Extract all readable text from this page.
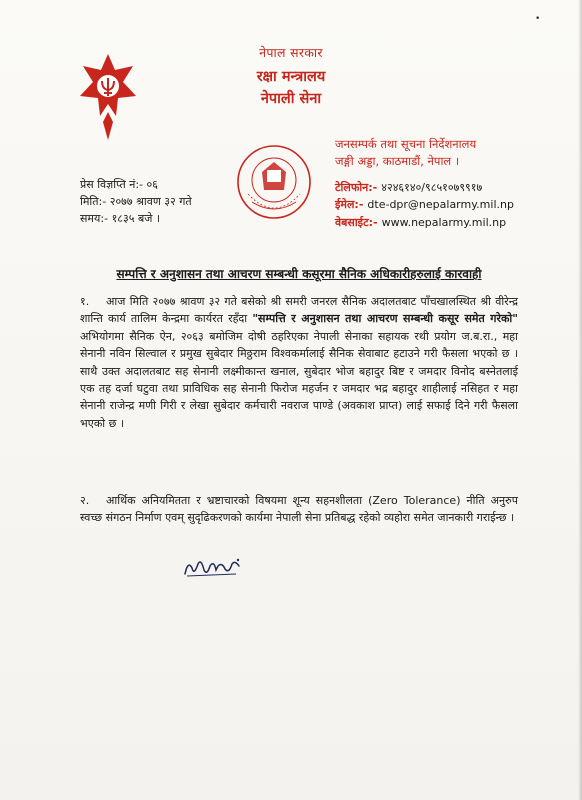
•
नेपाल सरकार
रक्षा मन्त्रालय
नेपाली सेना
जनसम्पर्क तथा सूचना निर्देशनालय
जङ्गी अड्डा, काठमाडौं, नेपाल ।
टेलिफोन:- ४२४६१४०/९८५१०७९९१७
ईमेल:- dte-dpr@nepalarmy.mil.np
वेबसाईट:- www.nepalarmy.mil.np
प्रेस विज्ञप्ति नं:- ०६
मिति:- २०७७ श्रावण ३२ गते
समय:- १८३५ बजे ।
सम्पत्ति र अनुशासन तथा आचरण सम्बन्धी कसूरमा सैनिक अधिकारीहरुलाई कारवाही
१. आज मिति २०७७ श्रावण ३२ गते बसेको श्री समरी जनरल सैनिक अदालतबाट पाँचखालस्थित श्री वीरेन्द्र शान्ति कार्य तालिम केन्द्रमा कार्यरत रहँदा "सम्पत्ति र अनुशासन तथा आचरण सम्बन्धी कसूर समेत गरेको" अभियोगमा सैनिक ऐन, २०६३ बमोजिम दोषी ठहरिएका नेपाली सेनाका सहायक रथी प्रयोग ज.ब.रा., महा सेनानी नविन सिल्वाल र प्रमुख सुबेदार मिठ्ठराम विश्वकर्मालाई सैनिक सेवाबाट हटाउने गरी फैसला भएको छ । साथै उक्त अदालतबाट सह सेनानी लक्ष्मीकान्त खनाल, सुबेदार भोज बहादुर बिष्ट र जमदार विनोद बस्नेतलाई एक तह दर्जा घटुवा तथा प्राविधिक सह सेनानी फिरोज महर्जन र जमदार भद्र बहादुर शाहीलाई नसिहत र महा सेनानी राजेन्द्र मणी गिरी र लेखा सुबेदार कर्मचारी नवराज पाण्डे (अवकाश प्राप्त) लाई सफाई दिने गरी फैसला भएको छ ।
२. आर्थिक अनियमितता र भ्रष्टाचारको विषयमा शून्य सहनशीलता (Zero Tolerance) नीति अनुरुप स्वच्छ संगठन निर्माण एवम् सुदृढिकरणको कार्यमा नेपाली सेना प्रतिबद्ध रहेको व्यहोरा समेत जानकारी गराईन्छ ।
